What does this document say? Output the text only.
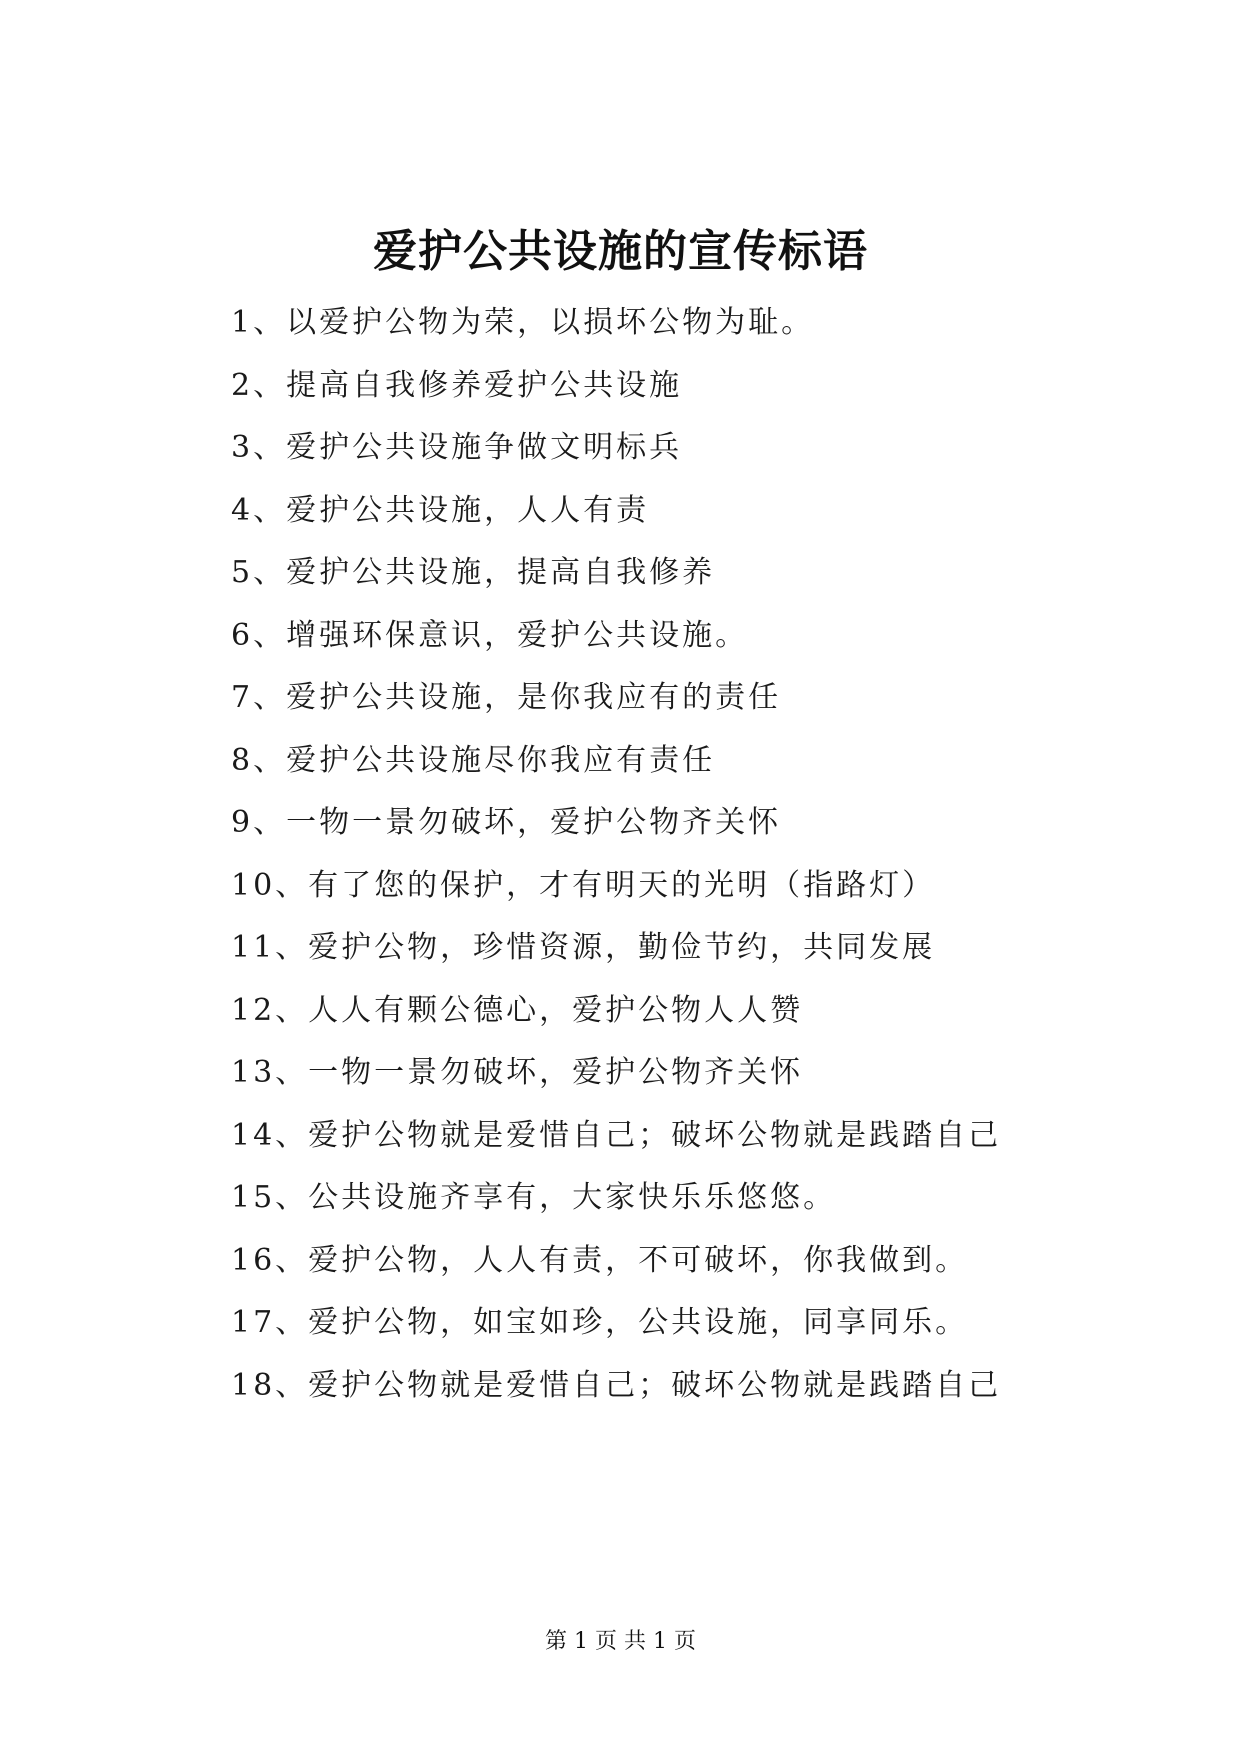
爱护公共设施的宣传标语
1、以爱护公物为荣，以损坏公物为耻。
2、提高自我修养爱护公共设施
3、爱护公共设施争做文明标兵
4、爱护公共设施，人人有责
5、爱护公共设施，提高自我修养
6、增强环保意识，爱护公共设施。
7、爱护公共设施，是你我应有的责任
8、爱护公共设施尽你我应有责任
9、一物一景勿破坏，爱护公物齐关怀
10、有了您的保护，才有明天的光明（指路灯）
11、爱护公物，珍惜资源，勤俭节约，共同发展
12、人人有颗公德心，爱护公物人人赞
13、一物一景勿破坏，爱护公物齐关怀
14、爱护公物就是爱惜自己；破坏公物就是践踏自己
15、公共设施齐享有，大家快乐乐悠悠。
16、爱护公物，人人有责，不可破坏，你我做到。
17、爱护公物，如宝如珍，公共设施，同享同乐。
18、爱护公物就是爱惜自己；破坏公物就是践踏自己
第 1 页 共 1 页
